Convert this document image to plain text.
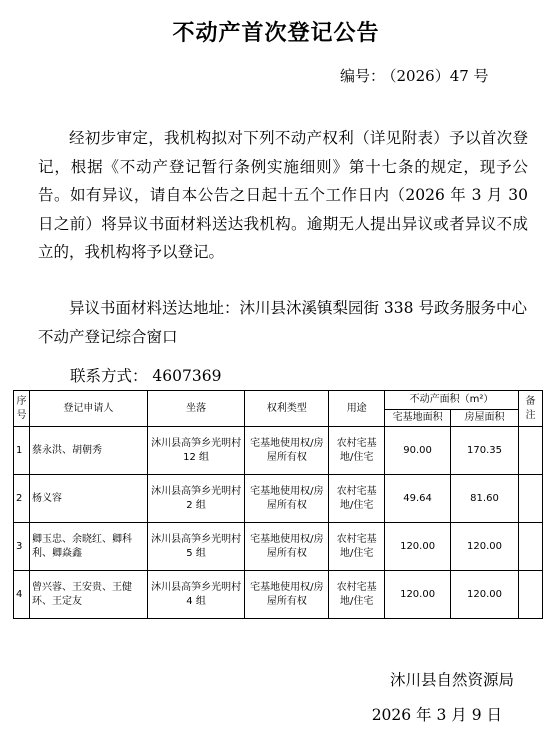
不动产首次登记公告
编号： （2026）47 号
经初步审定，我机构拟对下列不动产权利（详见附表）予以首次登记，根据《不动产登记暂行条例实施细则》第十七条的规定，现予公告。如有异议，请自本公告之日起十五个工作日内（2026 年 3 月 30 日之前）将异议书面材料送达我机构。逾期无人提出异议或者异议不成立的，我机构将予以登记。
异议书面材料送达地址：沐川县沐溪镇梨园街 338 号政务服务中心不动产登记综合窗口
联系方式： 4607369
序号	登记申请人	坐落	权利类型	用途	不动产面积（m²）		备注
					宅基地面积	房屋面积	
1	蔡永洪、胡朝秀	沐川县高笋乡光明村 12 组	宅基地使用权/房屋所有权	农村宅基地/住宅	90.00	170.35	
2	杨义容	沐川县高笋乡光明村 2 组	宅基地使用权/房屋所有权	农村宅基地/住宅	49.64	81.60	
3	卿玉忠、余晓红、卿科利、卿焱鑫	沐川县高笋乡光明村 5 组	宅基地使用权/房屋所有权	农村宅基地/住宅	120.00	120.00	
4	曾兴蓉、王安贵、王健环、王定友	沐川县高笋乡光明村 4 组	宅基地使用权/房屋所有权	农村宅基地/住宅	120.00	120.00	
沐川县自然资源局
2026 年 3 月 9 日
